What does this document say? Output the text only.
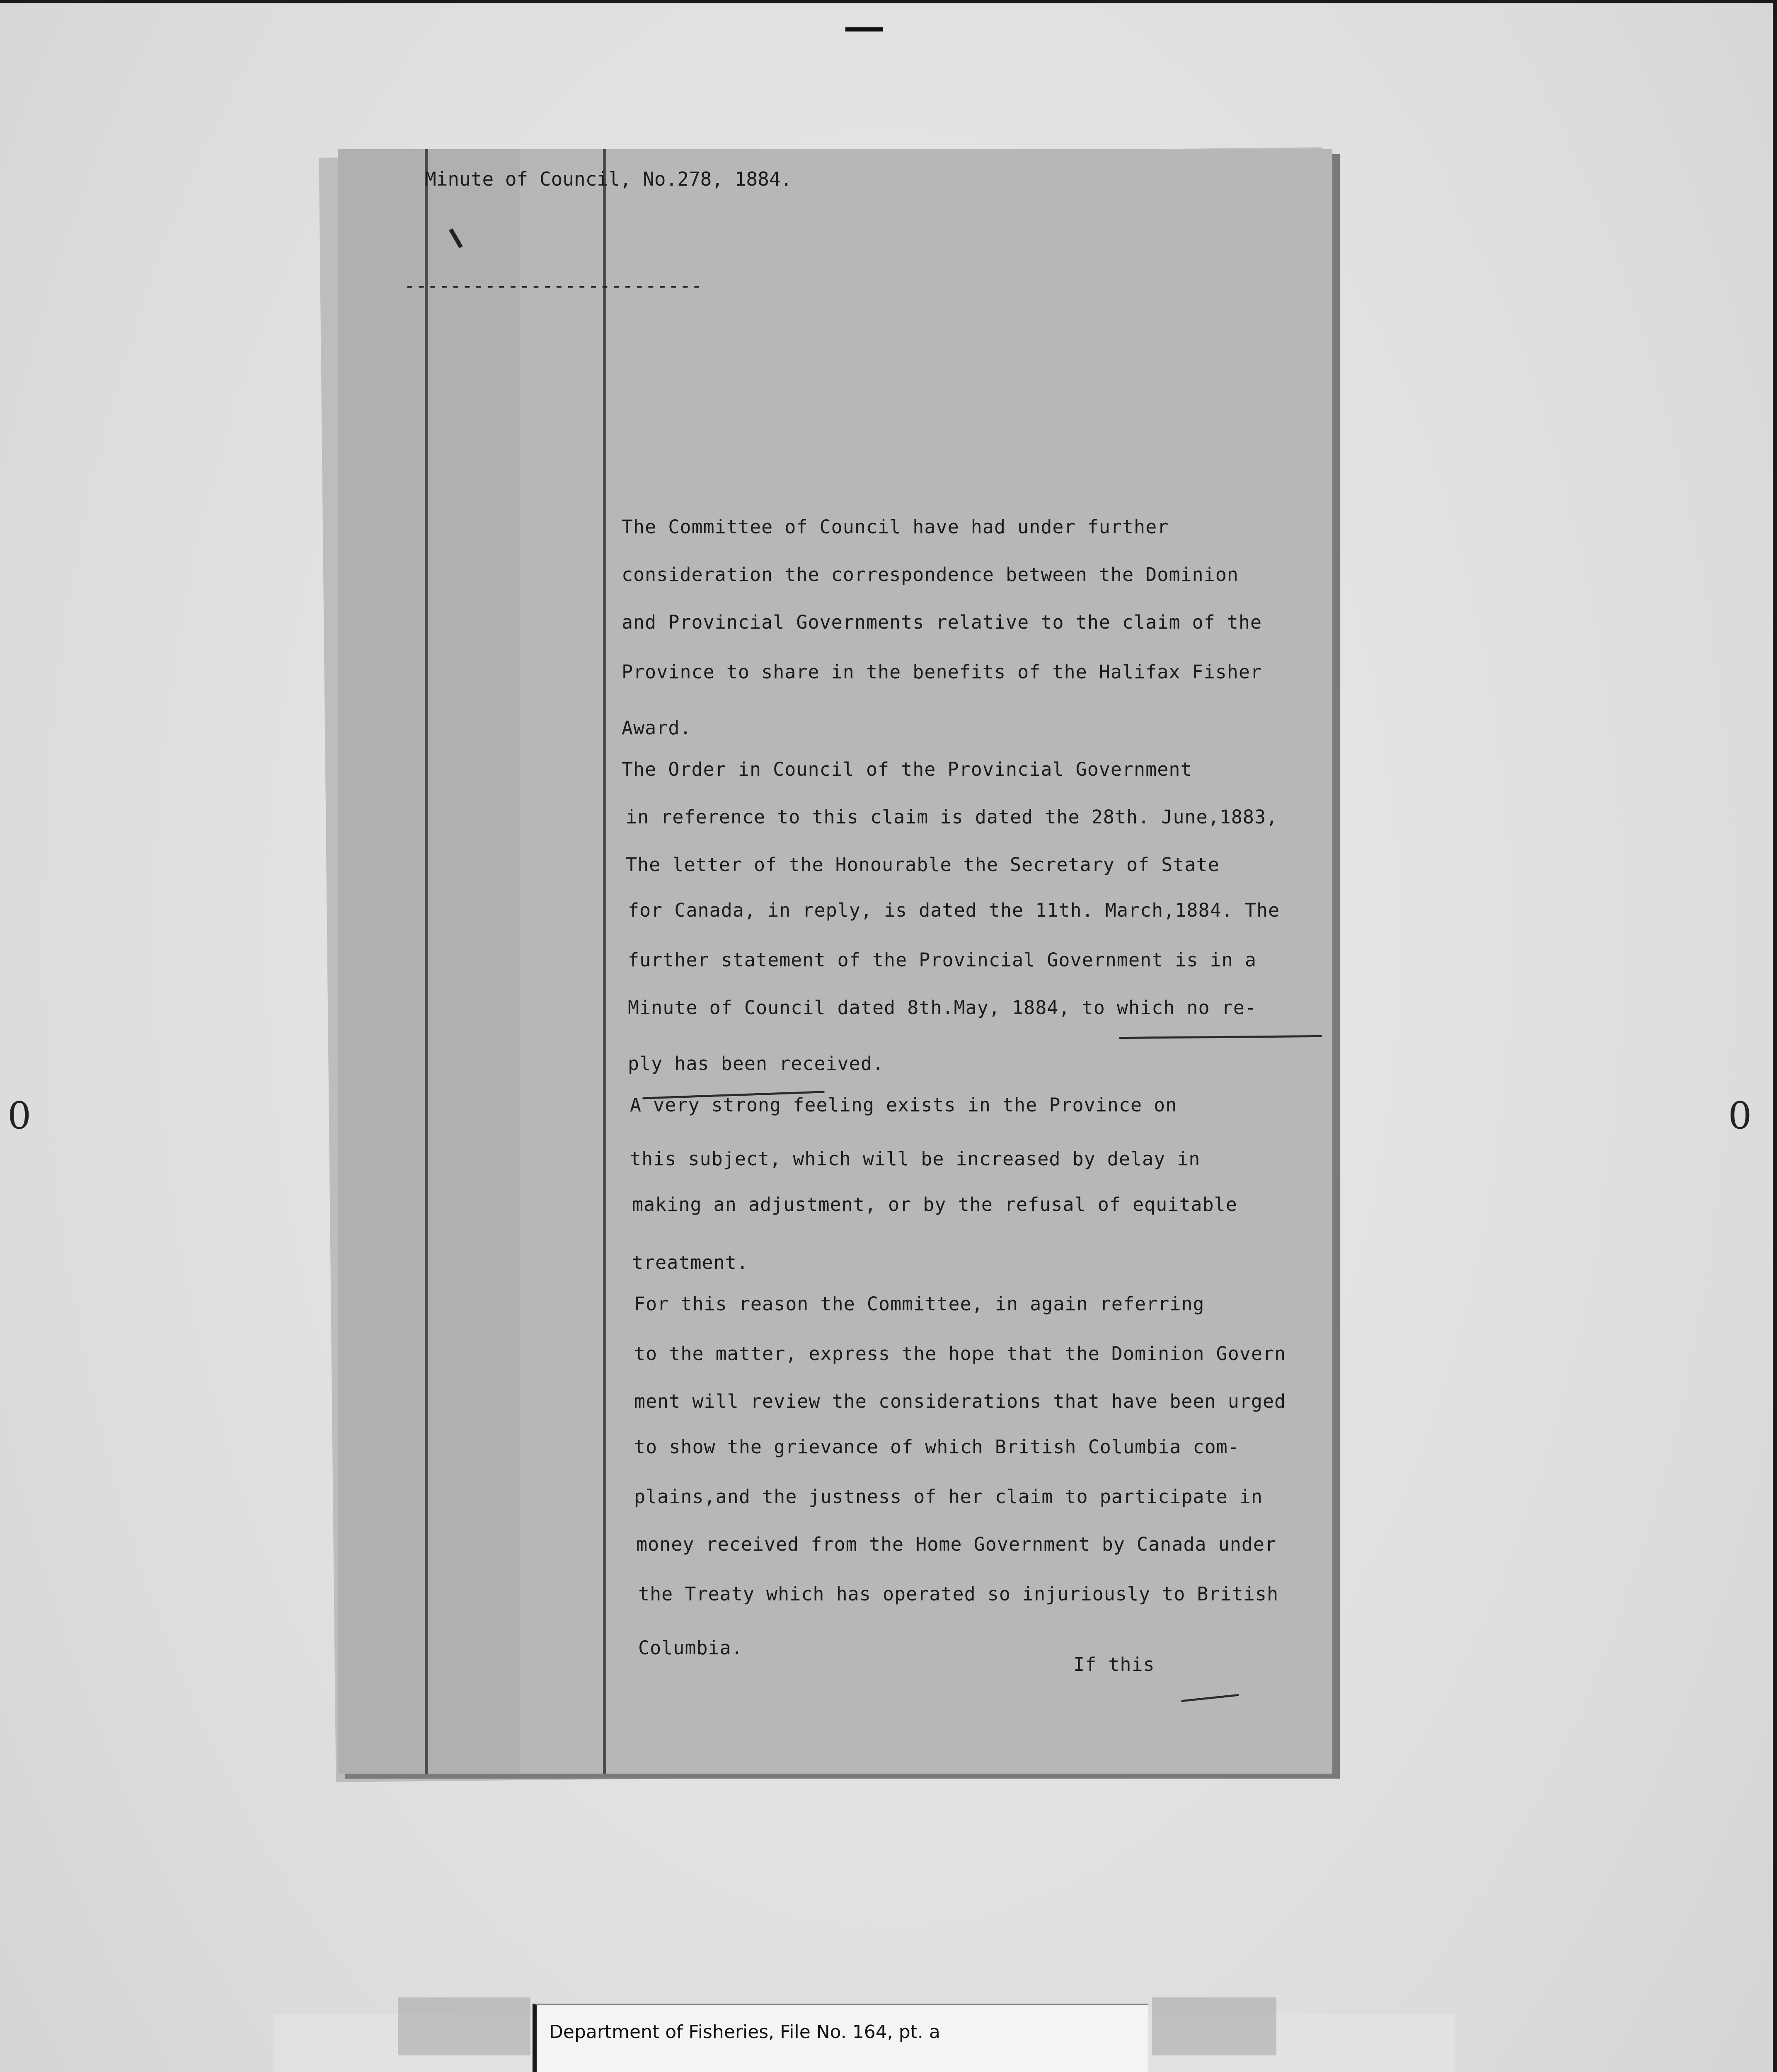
0	0
Minute of Council, No.278, 1884.
--------------------------
The Committee of Council have had under further
consideration the correspondence between the Dominion
and Provincial Governments relative to the claim of the
Province to share in the benefits of the Halifax Fisher
Award.
The Order in Council of the Provincial Government
in reference to this claim is dated the 28th. June,1883,
The letter of the Honourable the Secretary of State
for Canada, in reply, is dated the 11th. March,1884. The
further statement of the Provincial Government is in a
Minute of Council dated 8th.May, 1884, to which no re-
ply has been received.
A very strong feeling exists in the Province on
this subject, which will be increased by delay in
making an adjustment, or by the refusal of equitable
treatment.
For this reason the Committee, in again referring
to the matter, express the hope that the Dominion Govern
ment will review the considerations that have been urged
to show the grievance of which British Columbia com-
plains,and the justness of her claim to participate in
money received from the Home Government by Canada under
the Treaty which has operated so injuriously to British
Columbia.
If this
Department of Fisheries, File No. 164, pt. a
